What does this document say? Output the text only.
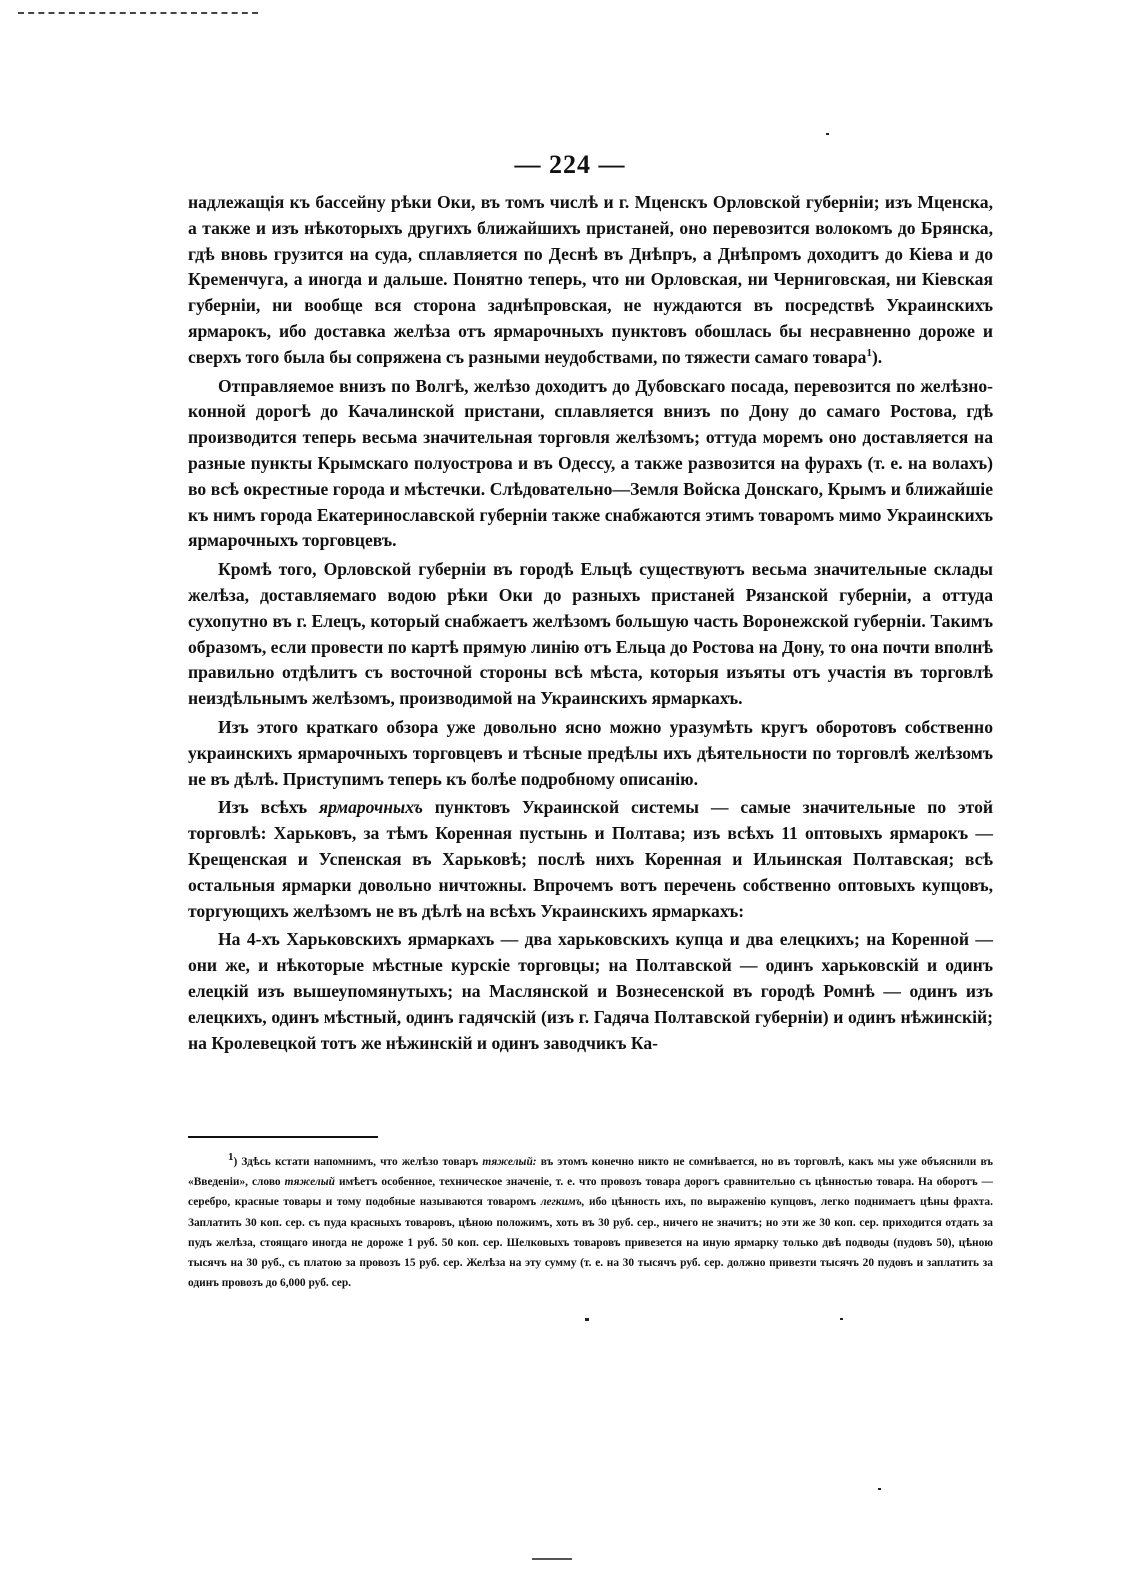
— 224 —

надлежащія къ бассейну рѣки Оки, въ томъ числѣ и г. Мценскъ Орловской губерніи; изъ Мценска, а также и изъ нѣкоторыхъ другихъ ближайшихъ пристаней, оно перевозится волокомъ до Брянска, гдѣ вновь грузится на суда, сплавляется по Деснѣ въ Днѣпръ, а Днѣпромъ доходитъ до Кіева и до Кременчуга, а иногда и дальше. Понятно теперь, что ни Орловская, ни Черниговская, ни Кіевская губерніи, ни вообще вся сторона заднѣпровская, не нуждаются въ посредствѣ Украинскихъ ярмарокъ, ибо доставка желѣза отъ ярмарочныхъ пунктовъ обошлась бы несравненно дороже и сверхъ того была бы сопряжена съ разными неудобствами, по тяжести самаго товара$^1$).

Отправляемое внизъ по Волгѣ, желѣзо доходитъ до Дубовскаго посада, перевозится по желѣзно-конной дорогѣ до Качалинской пристани, сплавляется внизъ по Дону до самаго Ростова, гдѣ производится теперь весьма значительная торговля желѣзомъ; оттуда моремъ оно доставляется на разные пункты Крымскаго полуострова и въ Одессу, а также развозится на фурахъ (т. е. на волахъ) во всѣ окрестные города и мѣстечки. Слѣдовательно—Земля Войска Донскаго, Крымъ и ближайшіе къ нимъ города Екатеринославской губерніи также снабжаются этимъ товаромъ мимо Украинскихъ ярмарочныхъ торговцевъ.

Кромѣ того, Орловской губерніи въ городѣ Ельцѣ существуютъ весьма значительные склады желѣза, доставляемаго водою рѣки Оки до разныхъ пристаней Рязанской губерніи, а оттуда сухопутно въ г. Елецъ, который снабжаетъ желѣзомъ большую часть Воронежской губерніи. Такимъ образомъ, если провести по картѣ прямую линію отъ Ельца до Ростова на Дону, то она почти вполнѣ правильно отдѣлитъ съ восточной стороны всѣ мѣста, которыя изъяты отъ участія въ торговлѣ неиздѣльнымъ желѣзомъ, производимой на Украинскихъ ярмаркахъ.

Изъ этого краткаго обзора уже довольно ясно можно уразумѣть кругъ оборотовъ собственно украинскихъ ярмарочныхъ торговцевъ и тѣсные предѣлы ихъ дѣятельности по торговлѣ желѣзомъ не въ дѣлѣ. Приступимъ теперь къ болѣе подробному описанію.

Изъ всѣхъ ярмарочныхъ пунктовъ Украинской системы — самые значительные по этой торговлѣ: Харьковъ, за тѣмъ Коренная пустынь и Полтава; изъ всѣхъ 11 оптовыхъ ярмарокъ — Крещенская и Успенская въ Харьковѣ; послѣ нихъ Коренная и Ильинская Полтавская; всѣ остальныя ярмарки довольно ничтожны. Впрочемъ вотъ перечень собственно оптовыхъ купцовъ, торгующихъ желѣзомъ не въ дѣлѣ на всѣхъ Украинскихъ ярмаркахъ:

На 4-хъ Харьковскихъ ярмаркахъ — два харьковскихъ купца и два елецкихъ; на Коренной — они же, и нѣкоторые мѣстные курскіе торговцы; на Полтавской — одинъ харьковскій и одинъ елецкій изъ вышеупомянутыхъ; на Маслянской и Вознесенской въ городѣ Ромнѣ — одинъ изъ елецкихъ, одинъ мѣстный, одинъ гадячскій (изъ г. Гадяча Полтавской губерніи) и одинъ нѣжинскій; на Кролевецкой тотъ же нѣжинскій и одинъ заводчикъ Ка-

$^1$) Здѣсь кстати напомнимъ, что желѣзо товаръ тяжелый: въ этомъ конечно никто не сомнѣвается, но въ торговлѣ, какъ мы уже объяснили въ «Введеніи», слово тяжелый имѣетъ особенное, техническое значеніе, т. е. что провозъ товара дорогъ сравнительно съ цѣнностью товара. На оборотъ — серебро, красные товары и тому подобные называются товаромъ легкимъ, ибо цѣнность ихъ, по выраженію купцовъ, легко поднимаетъ цѣны фрахта. Заплатить 30 коп. сер. съ пуда красныхъ товаровъ, цѣною положимъ, хоть въ 30 руб. сер., ничего не значитъ; но эти же 30 коп. сер. приходится отдать за пудъ желѣза, стоящаго иногда не дороже 1 руб. 50 коп. сер. Шелковыхъ товаровъ привезется на иную ярмарку только двѣ подводы (пудовъ 50), цѣною тысячъ на 30 руб., съ платою за провозъ 15 руб. сер. Желѣза на эту сумму (т. е. на 30 тысячъ руб. сер. должно привезти тысячъ 20 пудовъ и заплатить за одинъ провозъ до 6,000 руб. сер.
